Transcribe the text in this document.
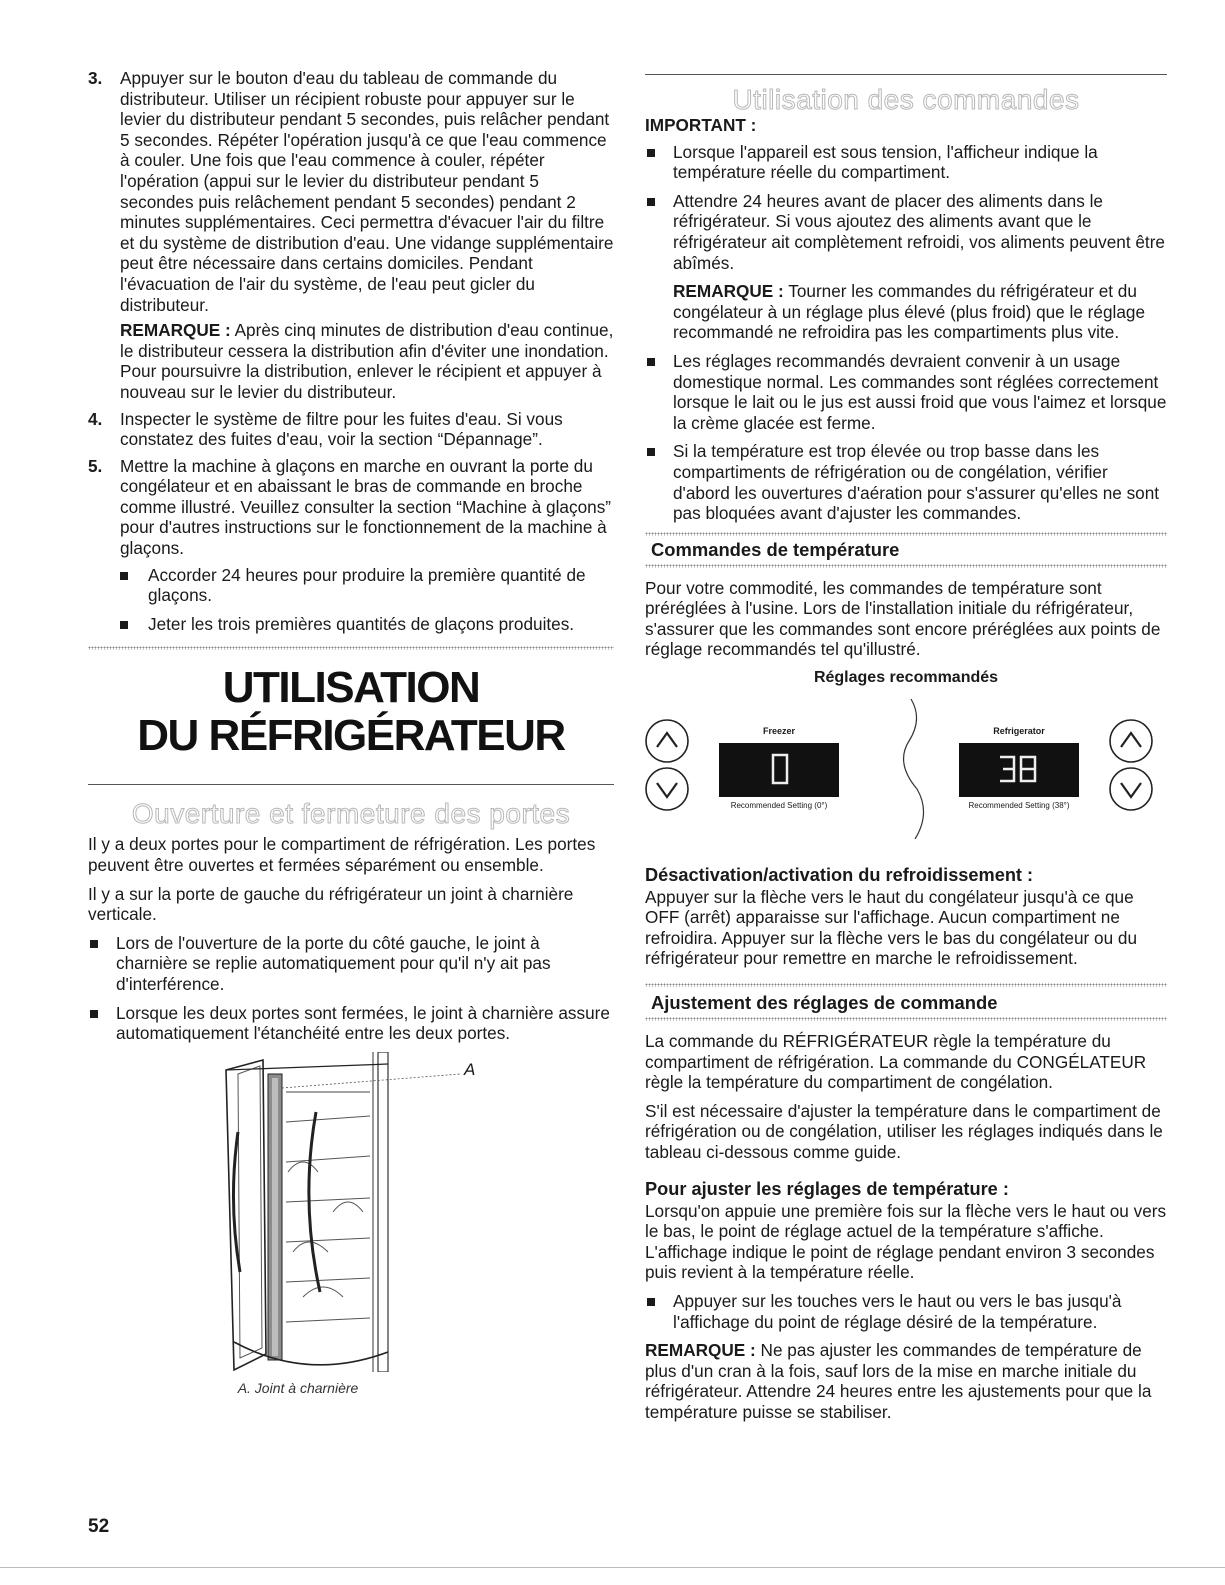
3. Appuyer sur le bouton d'eau du tableau de commande du distributeur. Utiliser un récipient robuste pour appuyer sur le levier du distributeur pendant 5 secondes, puis relâcher pendant 5 secondes. Répéter l'opération jusqu'à ce que l'eau commence à couler. Une fois que l'eau commence à couler, répéter l'opération (appui sur le levier du distributeur pendant 5 secondes puis relâchement pendant 5 secondes) pendant 2 minutes supplémentaires. Ceci permettra d'évacuer l'air du filtre et du système de distribution d'eau. Une vidange supplémentaire peut être nécessaire dans certains domiciles. Pendant l'évacuation de l'air du système, de l'eau peut gicler du distributeur.

REMARQUE : Après cinq minutes de distribution d'eau continue, le distributeur cessera la distribution afin d'éviter une inondation. Pour poursuivre la distribution, enlever le récipient et appuyer à nouveau sur le levier du distributeur.

4. Inspecter le système de filtre pour les fuites d'eau. Si vous constatez des fuites d'eau, voir la section “Dépannage”.

5. Mettre la machine à glaçons en marche en ouvrant la porte du congélateur et en abaissant le bras de commande en broche comme illustré. Veuillez consulter la section “Machine à glaçons” pour d'autres instructions sur le fonctionnement de la machine à glaçons.

Accorder 24 heures pour produire la première quantité de glaçons.
Jeter les trois premières quantités de glaçons produites.
UTILISATION
DU RÉFRIGÉRATEUR
Ouverture et fermeture des portes

Il y a deux portes pour le compartiment de réfrigération. Les portes peuvent être ouvertes et fermées séparément ou ensemble.

Il y a sur la porte de gauche du réfrigérateur un joint à charnière verticale.

Lors de l'ouverture de la porte du côté gauche, le joint à charnière se replie automatiquement pour qu'il n'y ait pas d'interférence.
Lorsque les deux portes sont fermées, le joint à charnière assure automatiquement l'étanchéité entre les deux portes.
A
A. Joint à charnière
Utilisation des commandes

IMPORTANT :

Lorsque l'appareil est sous tension, l'afficheur indique la température réelle du compartiment.
Attendre 24 heures avant de placer des aliments dans le réfrigérateur. Si vous ajoutez des aliments avant que le réfrigérateur ait complètement refroidi, vos aliments peuvent être abîmés.

REMARQUE : Tourner les commandes du réfrigérateur et du congélateur à un réglage plus élevé (plus froid) que le réglage recommandé ne refroidira pas les compartiments plus vite.

Les réglages recommandés devraient convenir à un usage domestique normal. Les commandes sont réglées correctement lorsque le lait ou le jus est aussi froid que vous l'aimez et lorsque la crème glacée est ferme.
Si la température est trop élevée ou trop basse dans les compartiments de réfrigération ou de congélation, vérifier d'abord les ouvertures d'aération pour s'assurer qu'elles ne sont pas bloquées avant d'ajuster les commandes.
Commandes de température

Pour votre commodité, les commandes de température sont préréglées à l'usine. Lors de l'installation initiale du réfrigérateur, s'assurer que les commandes sont encore préréglées aux points de réglage recommandés tel qu'illustré.

Réglages recommandés

Freezer
Recommended Setting (0°)
Refrigerator
Recommended Setting (38°)

Désactivation/activation du refroidissement :

Appuyer sur la flèche vers le haut du congélateur jusqu'à ce que OFF (arrêt) apparaisse sur l'affichage. Aucun compartiment ne refroidira. Appuyer sur la flèche vers le bas du congélateur ou du réfrigérateur pour remettre en marche le refroidissement.

Ajustement des réglages de commande

La commande du RÉFRIGÉRATEUR règle la température du compartiment de réfrigération. La commande du CONGÉLATEUR règle la température du compartiment de congélation.

S'il est nécessaire d'ajuster la température dans le compartiment de réfrigération ou de congélation, utiliser les réglages indiqués dans le tableau ci-dessous comme guide.

Pour ajuster les réglages de température :

Lorsqu'on appuie une première fois sur la flèche vers le haut ou vers le bas, le point de réglage actuel de la température s'affiche. L'affichage indique le point de réglage pendant environ 3 secondes puis revient à la température réelle.

Appuyer sur les touches vers le haut ou vers le bas jusqu'à l'affichage du point de réglage désiré de la température.

REMARQUE : Ne pas ajuster les commandes de température de plus d'un cran à la fois, sauf lors de la mise en marche initiale du réfrigérateur. Attendre 24 heures entre les ajustements pour que la température puisse se stabiliser.

52
